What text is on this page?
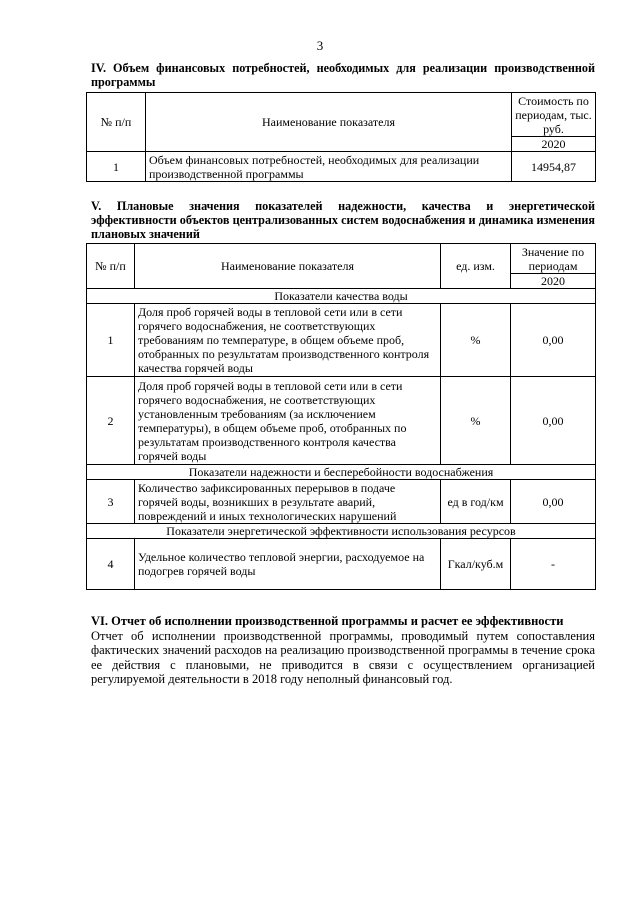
3
IV. Объем финансовых потребностей, необходимых для реализации производственной программы
№ п/п	Наименование показателя	Стоимость по периодам, тыс. руб.
		2020
1	Объем финансовых потребностей, необходимых для реализации производственной программы	14954,87
V. Плановые значения показателей надежности, качества и энергетической эффективности объектов централизованных систем водоснабжения и динамика изменения плановых значений
№ п/п	Наименование показателя	ед. изм.	Значение по периодам
			2020
Показатели качества воды			
1	Доля проб горячей воды в тепловой сети или в сети горячего водоснабжения, не соответствующих требованиям по температуре, в общем объеме проб, отобранных по результатам производственного контроля качества горячей воды	%	0,00
2	Доля проб горячей воды в тепловой сети или в сети горячего водоснабжения, не соответствующих установленным требованиям (за исключением температуры), в общем объеме проб, отобранных по результатам производственного контроля качества горячей воды	%	0,00
Показатели надежности и бесперебойности водоснабжения			
3	Количество зафиксированных перерывов в подаче горячей воды, возникших в результате аварий, повреждений и иных технологических нарушений	ед в год/км	0,00
Показатели энергетической эффективности использования ресурсов			
4	Удельное количество тепловой энергии, расходуемое на подогрев горячей воды	Гкал/куб.м	-
VI. Отчет об исполнении производственной программы и расчет ее эффективности
Отчет об исполнении производственной программы, проводимый путем сопоставления фактических значений расходов на реализацию производственной программы в течение срока ее действия с плановыми, не приводится в связи с осуществлением организацией регулируемой деятельности в 2018 году неполный финансовый год.
